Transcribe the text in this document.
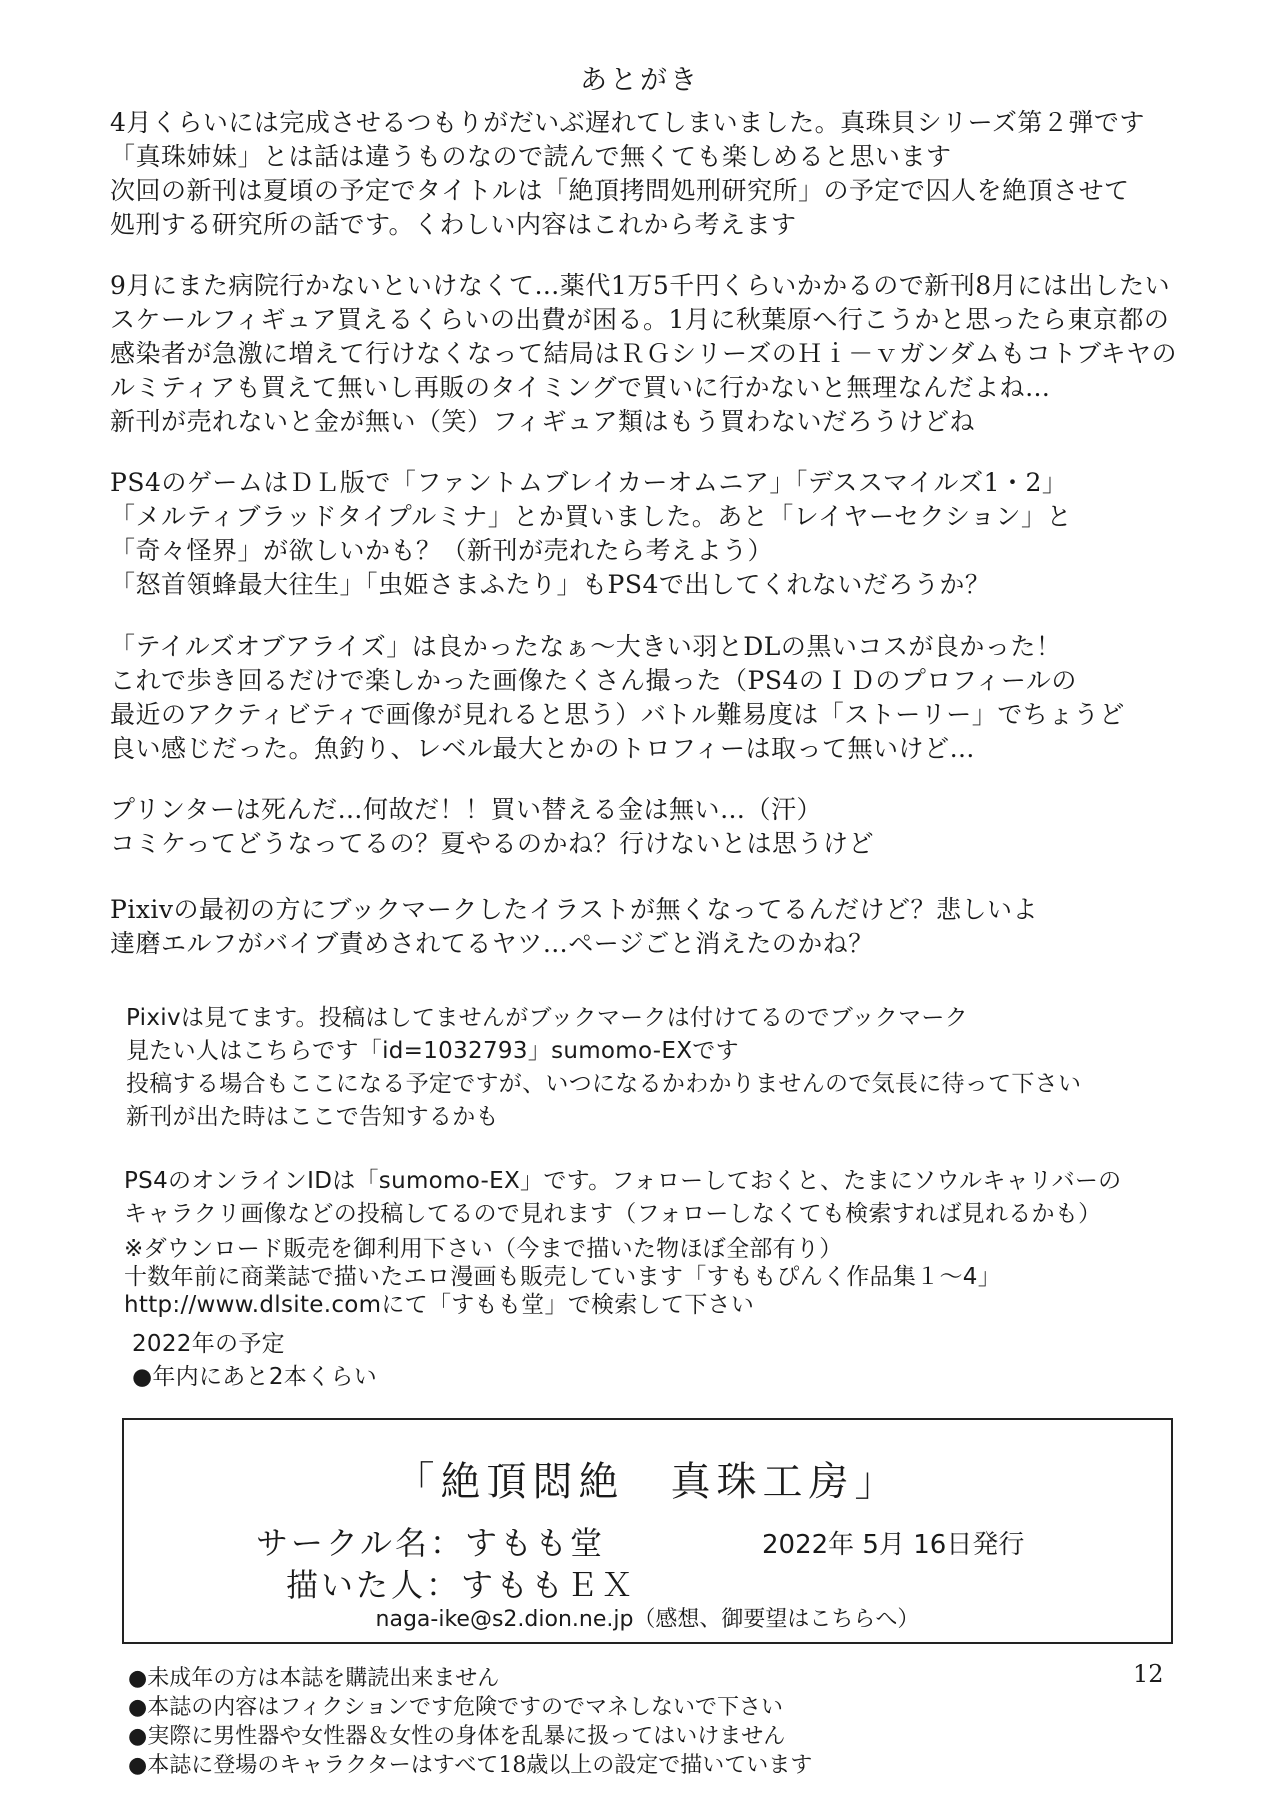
あとがき
4月くらいには完成させるつもりがだいぶ遅れてしまいました。真珠貝シリーズ第２弾です
「真珠姉妹」とは話は違うものなので読んで無くても楽しめると思います
次回の新刊は夏頃の予定でタイトルは「絶頂拷問処刑研究所」の予定で囚人を絶頂させて
処刑する研究所の話です。くわしい内容はこれから考えます
9月にまた病院行かないといけなくて…薬代1万5千円くらいかかるので新刊8月には出したい
スケールフィギュア買えるくらいの出費が困る。1月に秋葉原へ行こうかと思ったら東京都の
感染者が急激に増えて行けなくなって結局はＲＧシリーズのＨｉ－ｖガンダムもコトブキヤの
ルミティアも買えて無いし再販のタイミングで買いに行かないと無理なんだよね…
新刊が売れないと金が無い（笑）フィギュア類はもう買わないだろうけどね
PS4のゲームはＤＬ版で「ファントムブレイカーオムニア」「デススマイルズ1・2」
「メルティブラッドタイプルミナ」とか買いました。あと「レイヤーセクション」と
「奇々怪界」が欲しいかも？（新刊が売れたら考えよう）
「怒首領蜂最大往生」「虫姫さまふたり」もPS4で出してくれないだろうか？
「テイルズオブアライズ」は良かったなぁ～大きい羽とDLの黒いコスが良かった！
これで歩き回るだけで楽しかった画像たくさん撮った（PS4のＩＤのプロフィールの
最近のアクティビティで画像が見れると思う）バトル難易度は「ストーリー」でちょうど
良い感じだった。魚釣り、レベル最大とかのトロフィーは取って無いけど…
プリンターは死んだ…何故だ！！買い替える金は無い…（汗）
コミケってどうなってるの？夏やるのかね？行けないとは思うけど
Pixivの最初の方にブックマークしたイラストが無くなってるんだけど？悲しいよ
達磨エルフがバイブ責めされてるヤツ…ページごと消えたのかね？
Pixivは見てます。投稿はしてませんがブックマークは付けてるのでブックマーク
見たい人はこちらです「id=1032793」sumomo-EXです
投稿する場合もここになる予定ですが、いつになるかわかりませんので気長に待って下さい
新刊が出た時はここで告知するかも
PS4のオンラインIDは「sumomo-EX」です。フォローしておくと、たまにソウルキャリバーの
キャラクリ画像などの投稿してるので見れます（フォローしなくても検索すれば見れるかも）
※ダウンロード販売を御利用下さい（今まで描いた物ほぼ全部有り）
十数年前に商業誌で描いたエロ漫画も販売しています「すももぴんく作品集１～4」
http://www.dlsite.comにて「すもも堂」で検索して下さい
2022年の予定
●年内にあと2本くらい
「絶頂悶絶　真珠工房」
サークル名：すもも堂
描いた人：すももＥＸ
2022年 5月 16日発行
naga-ike@s2.dion.ne.jp（感想、御要望はこちらへ）
12
●未成年の方は本誌を購読出来ません
●本誌の内容はフィクションです危険ですのでマネしないで下さい
●実際に男性器や女性器＆女性の身体を乱暴に扱ってはいけません
●本誌に登場のキャラクターはすべて18歳以上の設定で描いています
